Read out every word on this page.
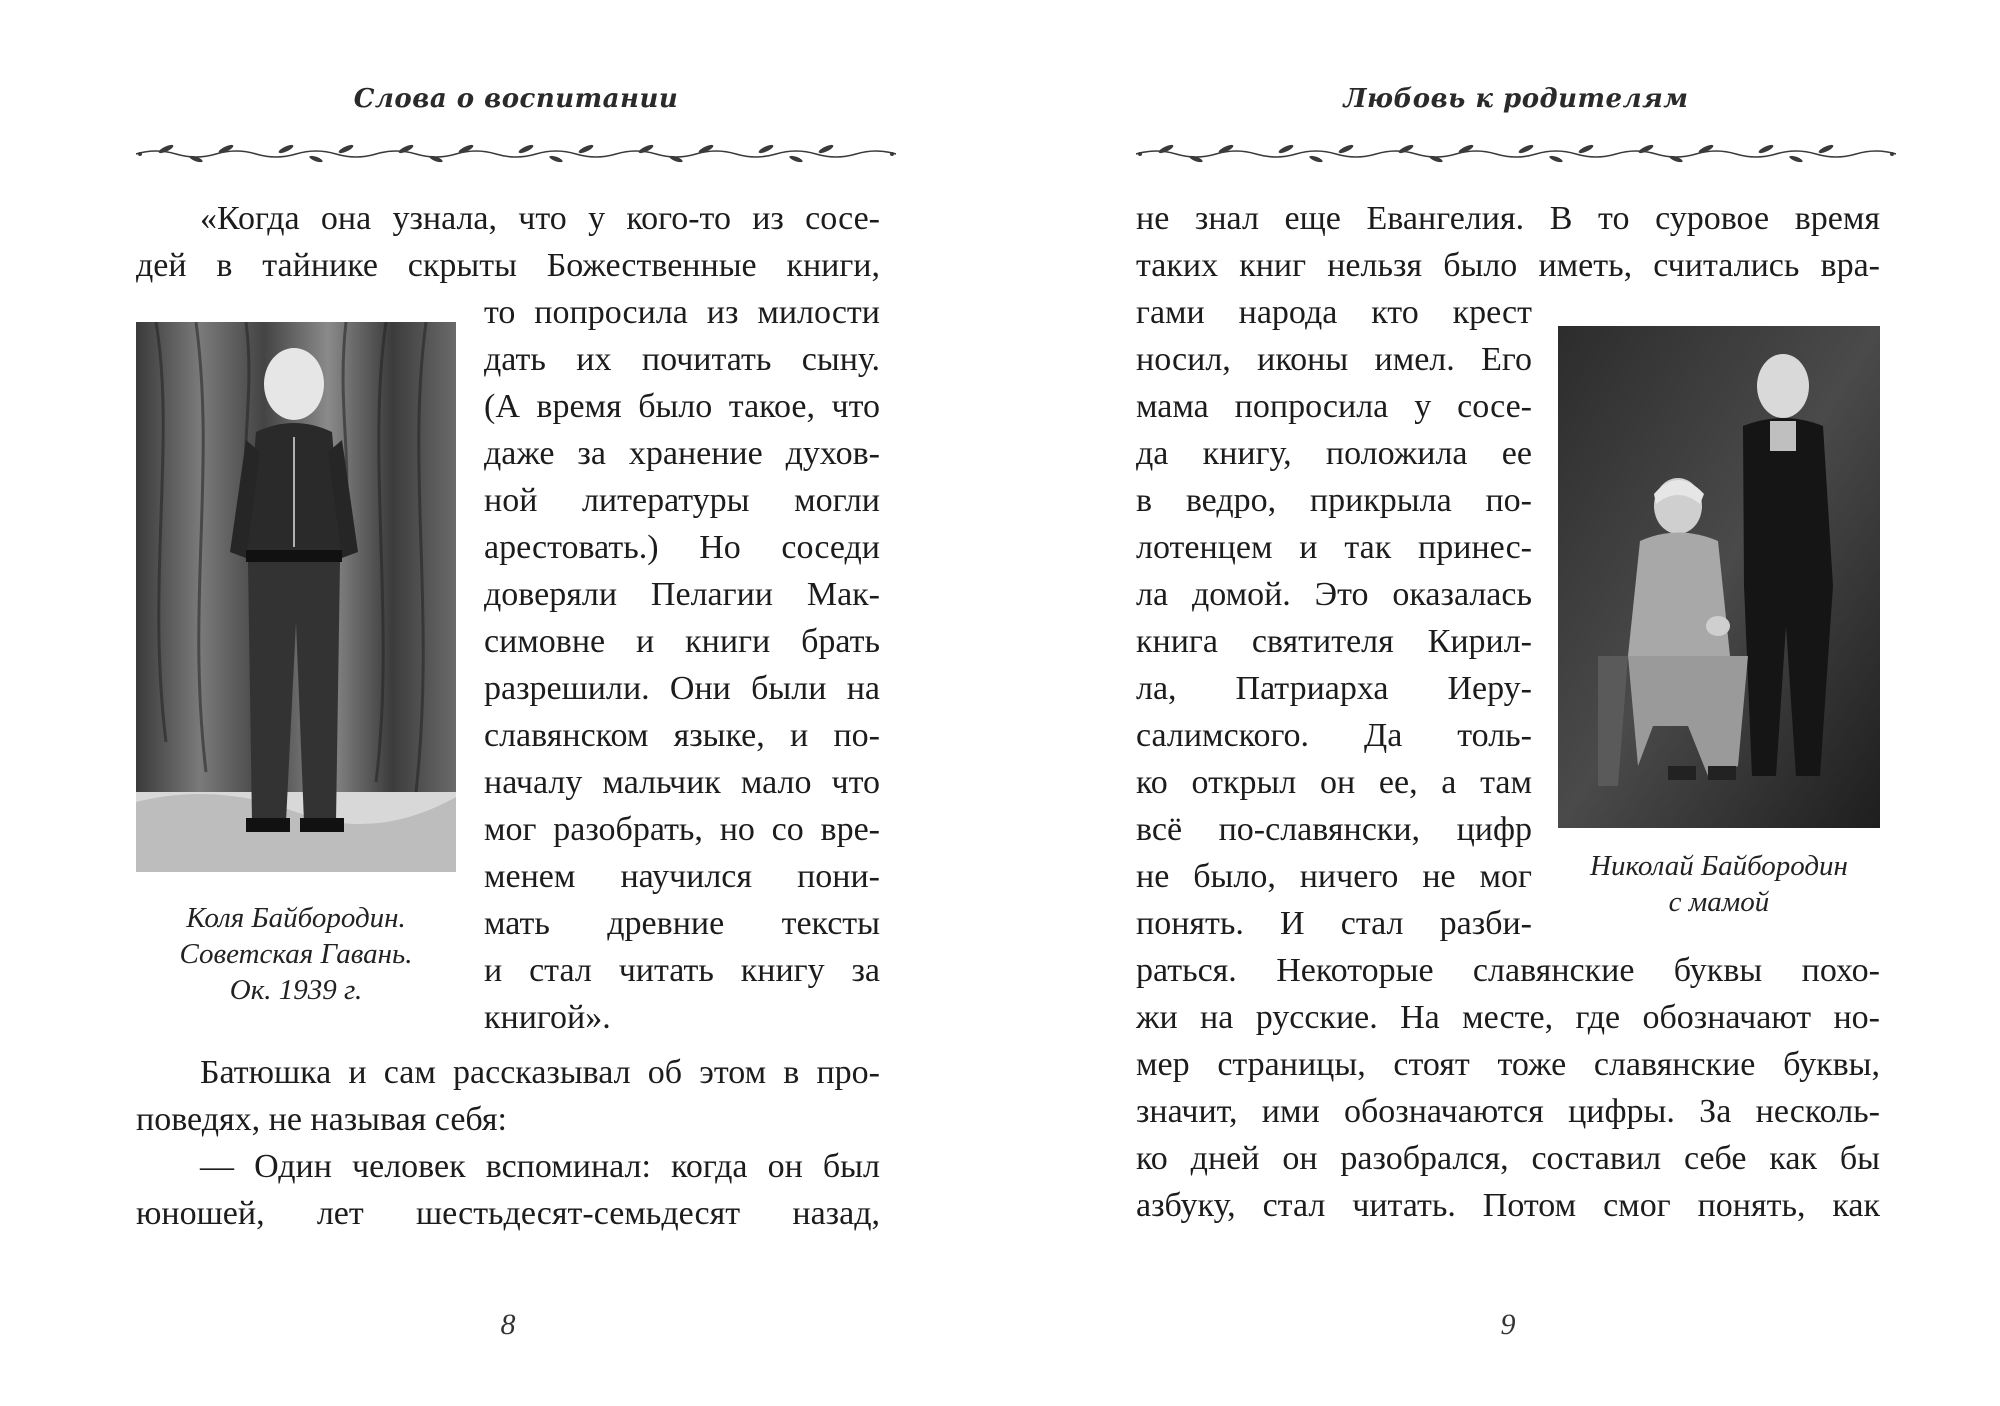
Слова о воспитании
«Когда она узнала, что у кого-то из сосе-
дей в тайнике скрыты Божественные книги,
то попросила из милости
дать их почитать сыну.
(А время было такое, что
даже за хранение духов-
ной литературы могли
арестовать.) Но соседи
доверяли Пелагии Мак-
симовне и книги брать
разрешили. Они были на
славянском языке, и по-
началу мальчик мало что
мог разобрать, но со вре-
менем научился пони-
мать древние тексты
и стал читать книгу за
книгой».
Батюшка и сам рассказывал об этом в про-
поведях, не называя себя:
— Один человек вспоминал: когда он был
юношей, лет шестьдесят-семьдесят назад,
Коля Байбородин.
Советская Гавань.
Ок. 1939 г.
8
Любовь к родителям
не знал еще Евангелия. В то суровое время
таких книг нельзя было иметь, считались вра-
гами народа кто крест
носил, иконы имел. Его
мама попросила у сосе-
да книгу, положила ее
в ведро, прикрыла по-
лотенцем и так принес-
ла домой. Это оказалась
книга святителя Кирил-
ла, Патриарха Иеру-
салимского. Да толь-
ко открыл он ее, а там
всё по-славянски, цифр
не было, ничего не мог
понять. И стал разби-
раться. Некоторые славянские буквы похо-
жи на русские. На месте, где обозначают но-
мер страницы, стоят тоже славянские буквы,
значит, ими обозначаются цифры. За несколь-
ко дней он разобрался, составил себе как бы
азбуку, стал читать. Потом смог понять, как
Николай Байбородин
с мамой
9
